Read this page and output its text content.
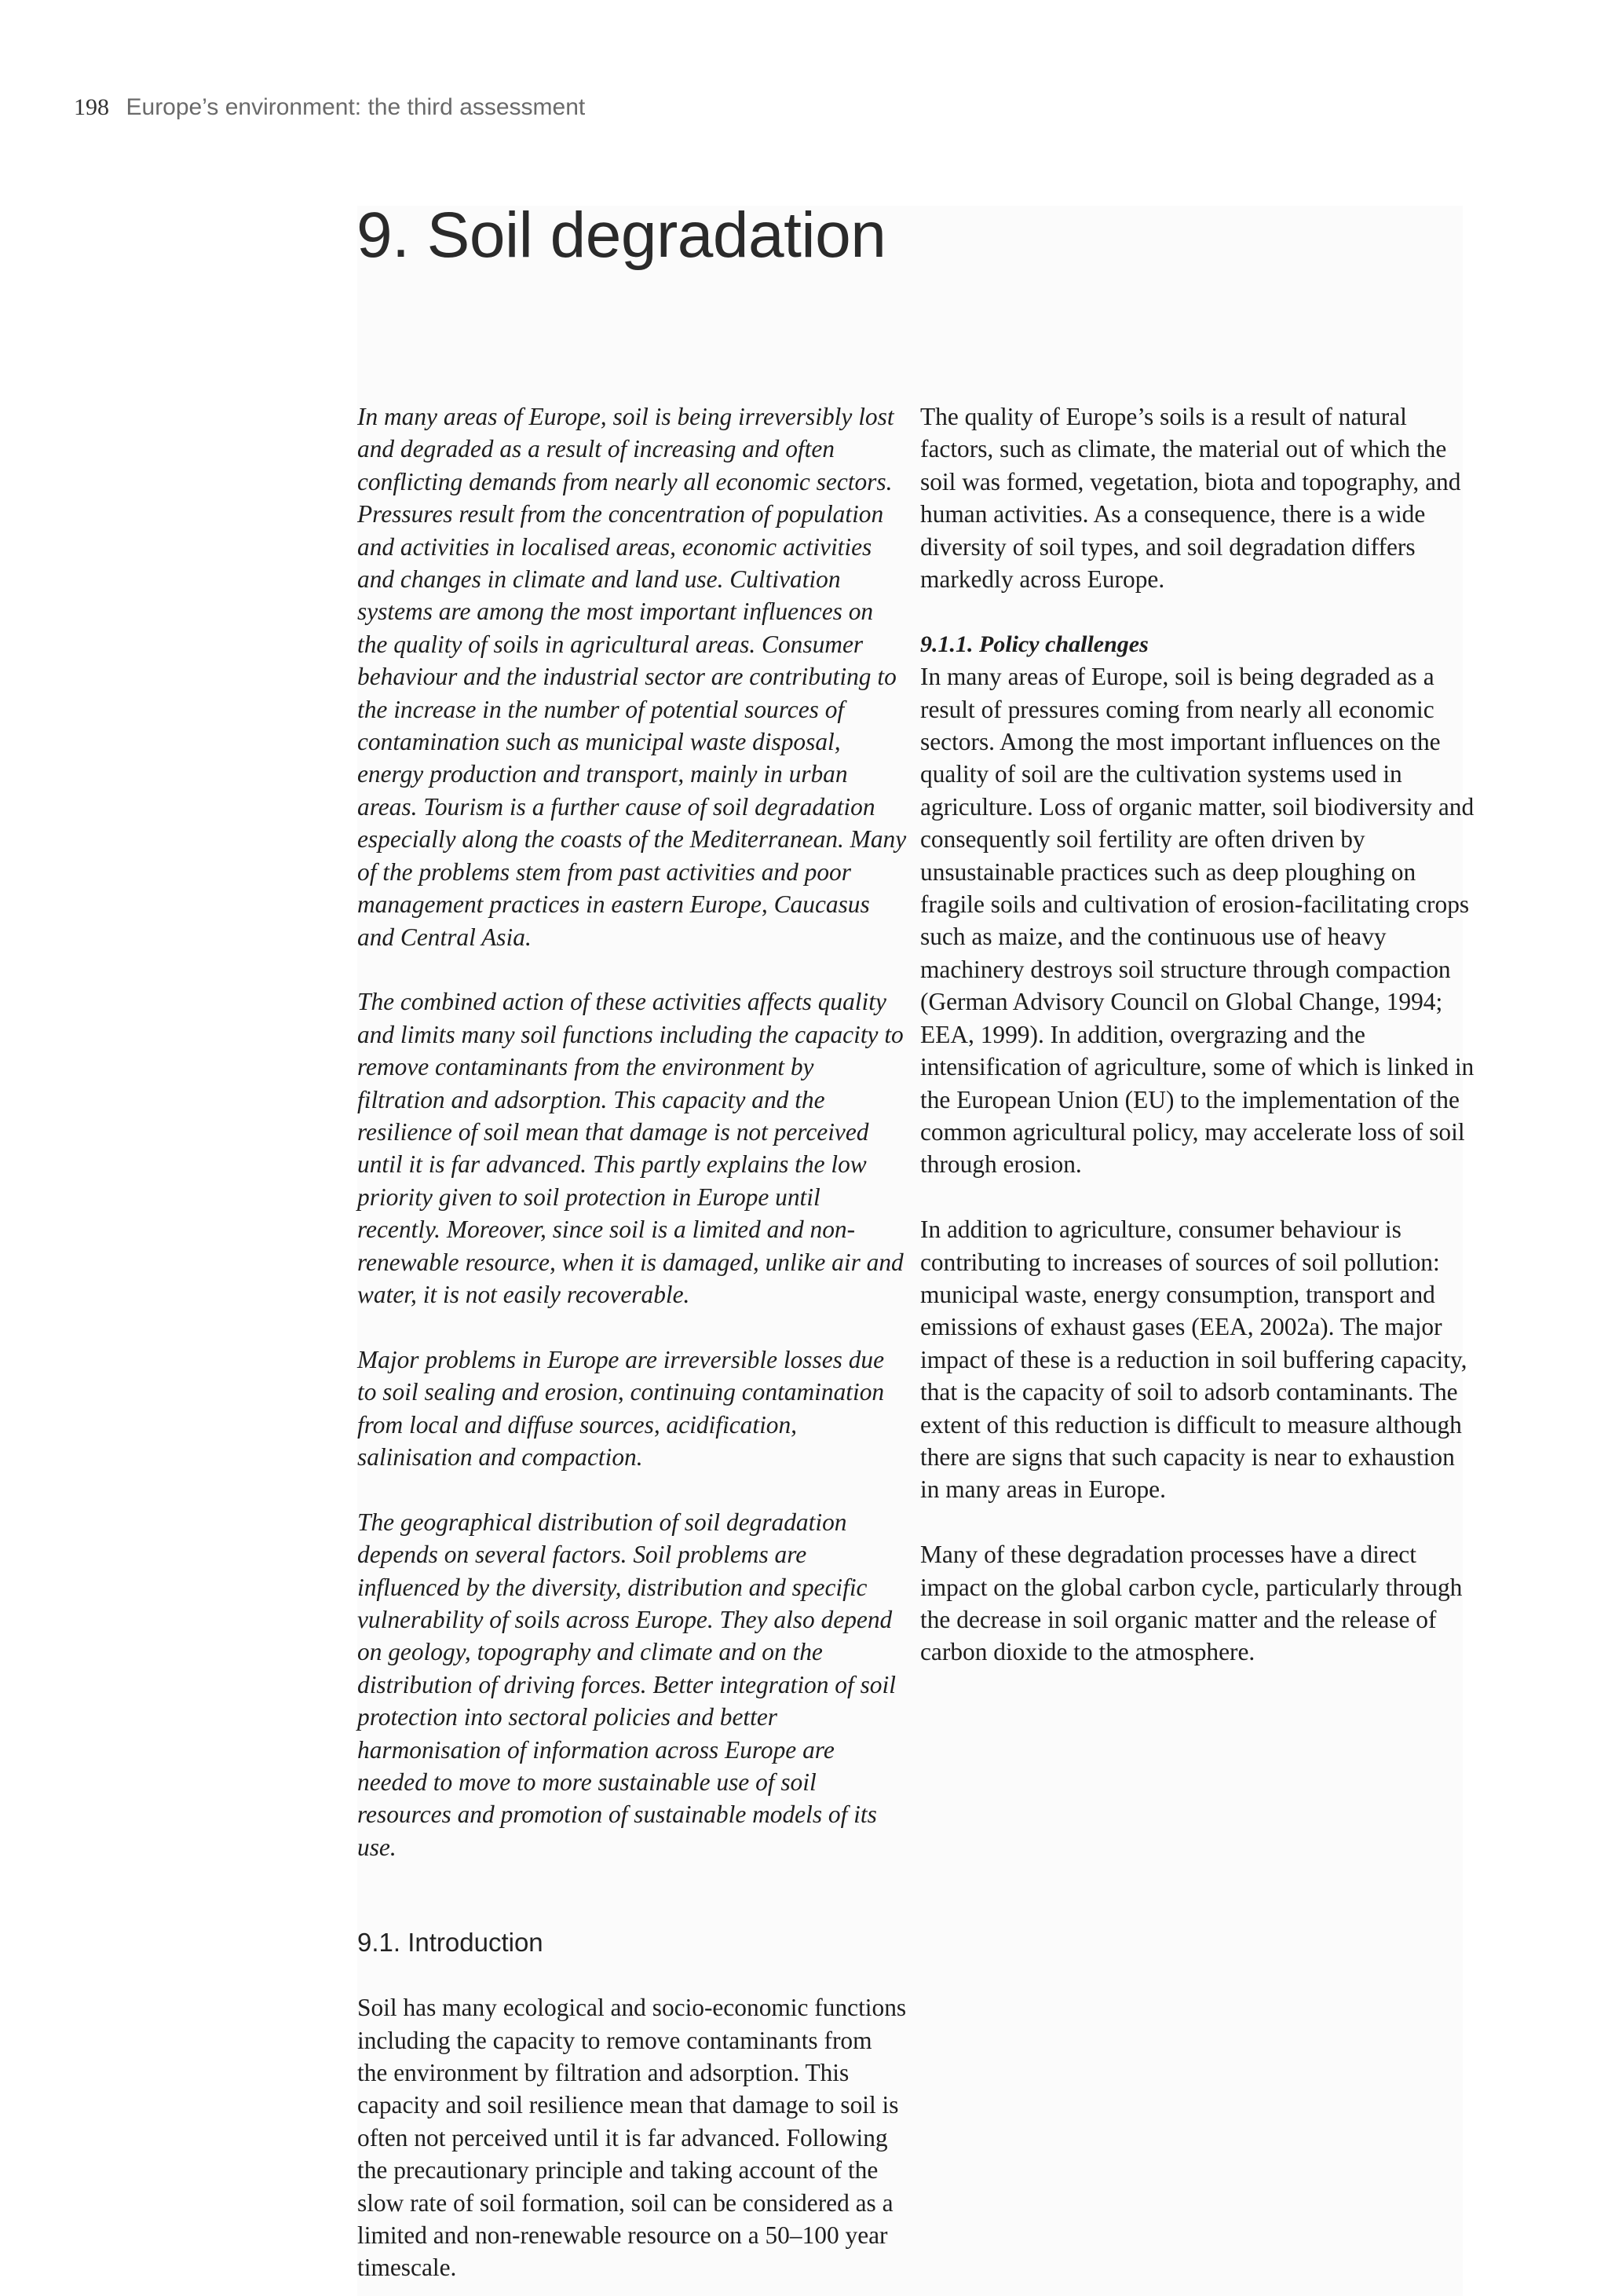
198 Europe’s environment: the third assessment
9. Soil degradation

In many areas of Europe, soil is being irreversibly lost and degraded as a result of increasing and often conflicting demands from nearly all economic sectors. Pressures result from the concentration of population and activities in localised areas, economic activities and changes in climate and land use. Cultivation systems are among the most important influences on the quality of soils in agricultural areas. Consumer behaviour and the industrial sector are contributing to the increase in the number of potential sources of contamination such as municipal waste disposal, energy production and transport, mainly in urban areas. Tourism is a further cause of soil degradation especially along the coasts of the Mediterranean. Many of the problems stem from past activities and poor management practices in eastern Europe, Caucasus and Central Asia.

The combined action of these activities affects quality and limits many soil functions including the capacity to remove contaminants from the environment by filtration and adsorption. This capacity and the resilience of soil mean that damage is not perceived until it is far advanced. This partly explains the low priority given to soil protection in Europe until recently. Moreover, since soil is a limited and non-renewable resource, when it is damaged, unlike air and water, it is not easily recoverable.

Major problems in Europe are irreversible losses due to soil sealing and erosion, continuing contamination from local and diffuse sources, acidification, salinisation and compaction.

The geographical distribution of soil degradation depends on several factors. Soil problems are influenced by the diversity, distribution and specific vulnerability of soils across Europe. They also depend on geology, topography and climate and on the distribution of driving forces. Better integration of soil protection into sectoral policies and better harmonisation of information across Europe are needed to move to more sustainable use of soil resources and promotion of sustainable models of its use.

9.1. Introduction

Soil has many ecological and socio-economic functions including the capacity to remove contaminants from the environment by filtration and adsorption. This capacity and soil resilience mean that damage to soil is often not perceived until it is far advanced. Following the precautionary principle and taking account of the slow rate of soil formation, soil can be considered as a limited and non-renewable resource on a 50–100 year timescale.

The quality of Europe’s soils is a result of natural factors, such as climate, the material out of which the soil was formed, vegetation, biota and topography, and human activities. As a consequence, there is a wide diversity of soil types, and soil degradation differs markedly across Europe.

9.1.1. Policy challenges

In many areas of Europe, soil is being degraded as a result of pressures coming from nearly all economic sectors. Among the most important influences on the quality of soil are the cultivation systems used in agriculture. Loss of organic matter, soil biodiversity and consequently soil fertility are often driven by unsustainable practices such as deep ploughing on fragile soils and cultivation of erosion-facilitating crops such as maize, and the continuous use of heavy machinery destroys soil structure through compaction (German Advisory Council on Global Change, 1994; EEA, 1999). In addition, overgrazing and the intensification of agriculture, some of which is linked in the European Union (EU) to the implementation of the common agricultural policy, may accelerate loss of soil through erosion.

In addition to agriculture, consumer behaviour is contributing to increases of sources of soil pollution: municipal waste, energy consumption, transport and emissions of exhaust gases (EEA, 2002a). The major impact of these is a reduction in soil buffering capacity, that is the capacity of soil to adsorb contaminants. The extent of this reduction is difficult to measure although there are signs that such capacity is near to exhaustion in many areas in Europe.

Many of these degradation processes have a direct impact on the global carbon cycle, particularly through the decrease in soil organic matter and the release of carbon dioxide to the atmosphere.
